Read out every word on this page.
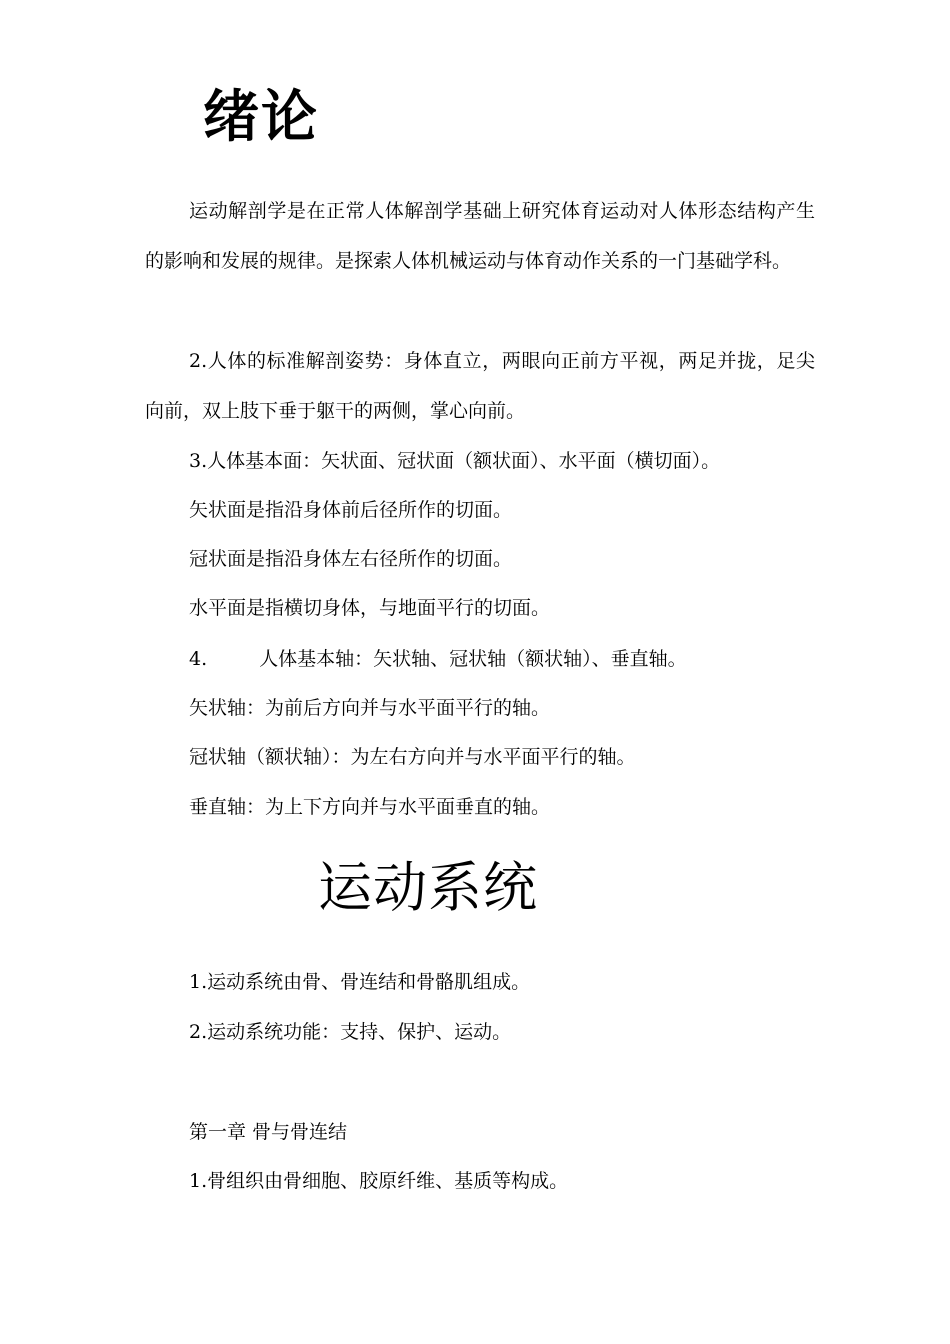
绪论

运动解剖学是在正常人体解剖学基础上研究体育运动对人体形态结构产生的影响和发展的规律。是探索人体机械运动与体育动作关系的一门基础学科。

2.人体的标准解剖姿势：身体直立，两眼向正前方平视，两足并拢，足尖向前，双上肢下垂于躯干的两侧，掌心向前。

3.人体基本面：矢状面、冠状面（额状面）、水平面（横切面）。
矢状面是指沿身体前后径所作的切面。
冠状面是指沿身体左右径所作的切面。
水平面是指横切身体，与地面平行的切面。
4.	人体基本轴：矢状轴、冠状轴（额状轴）、垂直轴。
矢状轴：为前后方向并与水平面平行的轴。
冠状轴（额状轴）：为左右方向并与水平面平行的轴。
垂直轴：为上下方向并与水平面垂直的轴。
运动系统
1.运动系统由骨、骨连结和骨骼肌组成。
2.运动系统功能：支持、保护、运动。
第一章 骨与骨连结
1.骨组织由骨细胞、胶原纤维、基质等构成。
